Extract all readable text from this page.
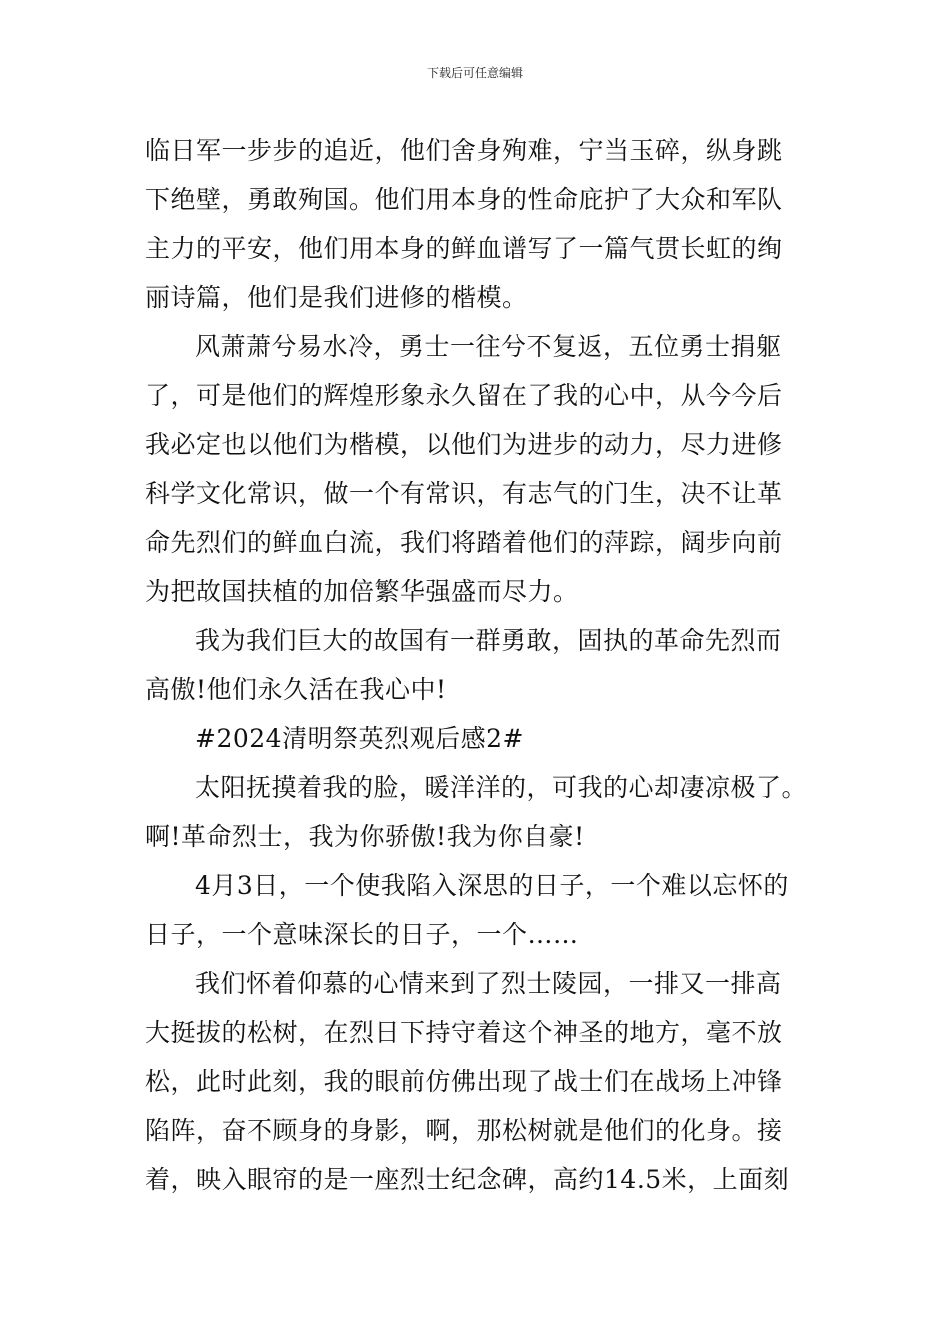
下载后可任意编辑
临日军一步步的追近，他们舍身殉难，宁当玉碎，纵身跳
下绝壁，勇敢殉国。他们用本身的性命庇护了大众和军队
主力的平安，他们用本身的鲜血谱写了一篇气贯长虹的绚
丽诗篇，他们是我们进修的楷模。
风萧萧兮易水冷，勇士一往兮不复返，五位勇士捐躯
了，可是他们的辉煌形象永久留在了我的心中，从今今后
我必定也以他们为楷模，以他们为进步的动力，尽力进修
科学文化常识，做一个有常识，有志气的门生，决不让革
命先烈们的鲜血白流，我们将踏着他们的萍踪，阔步向前
为把故国扶植的加倍繁华强盛而尽力。
我为我们巨大的故国有一群勇敢，固执的革命先烈而
高傲!他们永久活在我心中!
#2024清明祭英烈观后感2#
太阳抚摸着我的脸，暖洋洋的，可我的心却凄凉极了。
啊!革命烈士，我为你骄傲!我为你自豪!
4月3日，一个使我陷入深思的日子，一个难以忘怀的
日子，一个意味深长的日子，一个……
我们怀着仰慕的心情来到了烈士陵园，一排又一排高
大挺拔的松树，在烈日下持守着这个神圣的地方，毫不放
松，此时此刻，我的眼前仿佛出现了战士们在战场上冲锋
陷阵，奋不顾身的身影，啊，那松树就是他们的化身。接
着，映入眼帘的是一座烈士纪念碑，高约14.5米，上面刻
